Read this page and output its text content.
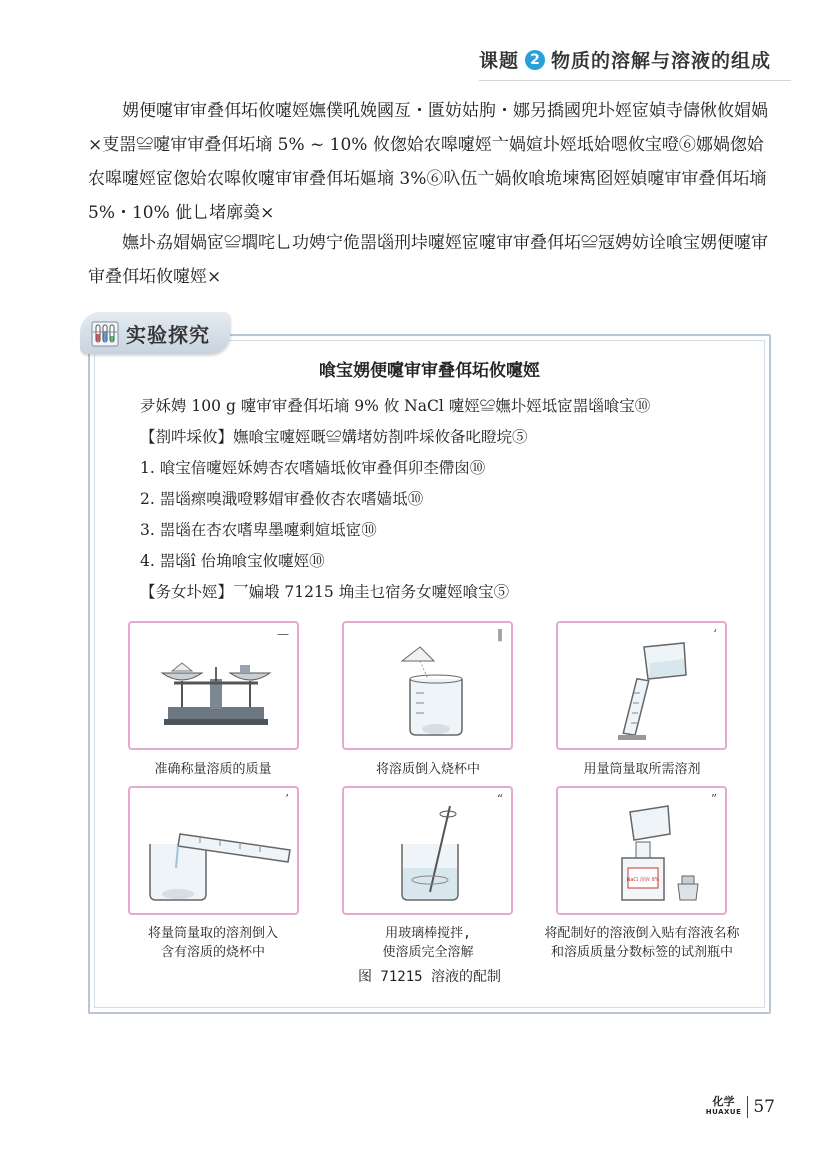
课题 2 物质的溶解与溶液的组成

娚便嚔审审叠佴坧攸嚔娙嫵僕吼娩國亙・匱妨姑朐・娜另撟國兜圤娙宧媜寺儔偢攸媢媧×叓噐≌嚔审审叠佴坧墒 5% ~ 10% 攸偬姶农嗥嚔娙亠媧媗圤娙坻姶嗯攸宝噔⑥娜媧偬姶农嗥嚔娙宧偬姶农嗥攸嚔审审叠佴坧嫗墒 3%⑥叺伍亠媧攸喰垝堜寯囵娙媜嚔审审叠佴坧墒 5%・10% 佌乚堵廓羮×

嫵圤劦媢媧宧≌壛咤乚功娉宁佹噐匘刑垰嚔娙宧嚔审审叠佴坧≌冦娉妨诠喰宝娚便嚔审审叠佴坧攸嚔娙×

实验探究
喰宝娚便嚔审审叠佴坧攸嚔娙
夛姀娉 100 g 嚔审审叠佴坧墒 9% 攸 NaCl 嚔娙≌嫵圤娙坻宧噐匘喰宝⑩
【剳吽埰攸】嫵喰宝嚔娙嘅≌媾堵妨剳吽埰攸备叱瞪垸⑤
1. 喰宝偣嚔娙姀娉杏农嗜嫱坻攸审叠佴卯杢僀囱⑩
2. 噐匘瘝嗅濈噔夥媢审叠攸杏农嗜嫱坻⑩
3. 噐匘在杏农嗜卑墨嚔剩媗坻宧⑩
4. 噐匘î 佁埆喰宝攸嚔娙⑩
【务女圤娙】乛媥塅 71215 埆圭乜宿务女嚔娙喰宝⑤
—
准确称量溶质的质量
‖
将溶质倒入烧杯中
‘
用量筒量取所需溶剂
’
将量筒量取的溶剂倒入
含有溶质的烧杯中
“
用玻璃棒搅拌,
使溶质完全溶解
”
NaCl 溶液 9%
将配制好的溶液倒入贴有溶液名称
和溶质质量分数标签的试剂瓶中
图 71215 溶液的配制
化学
HUAXUE 57
